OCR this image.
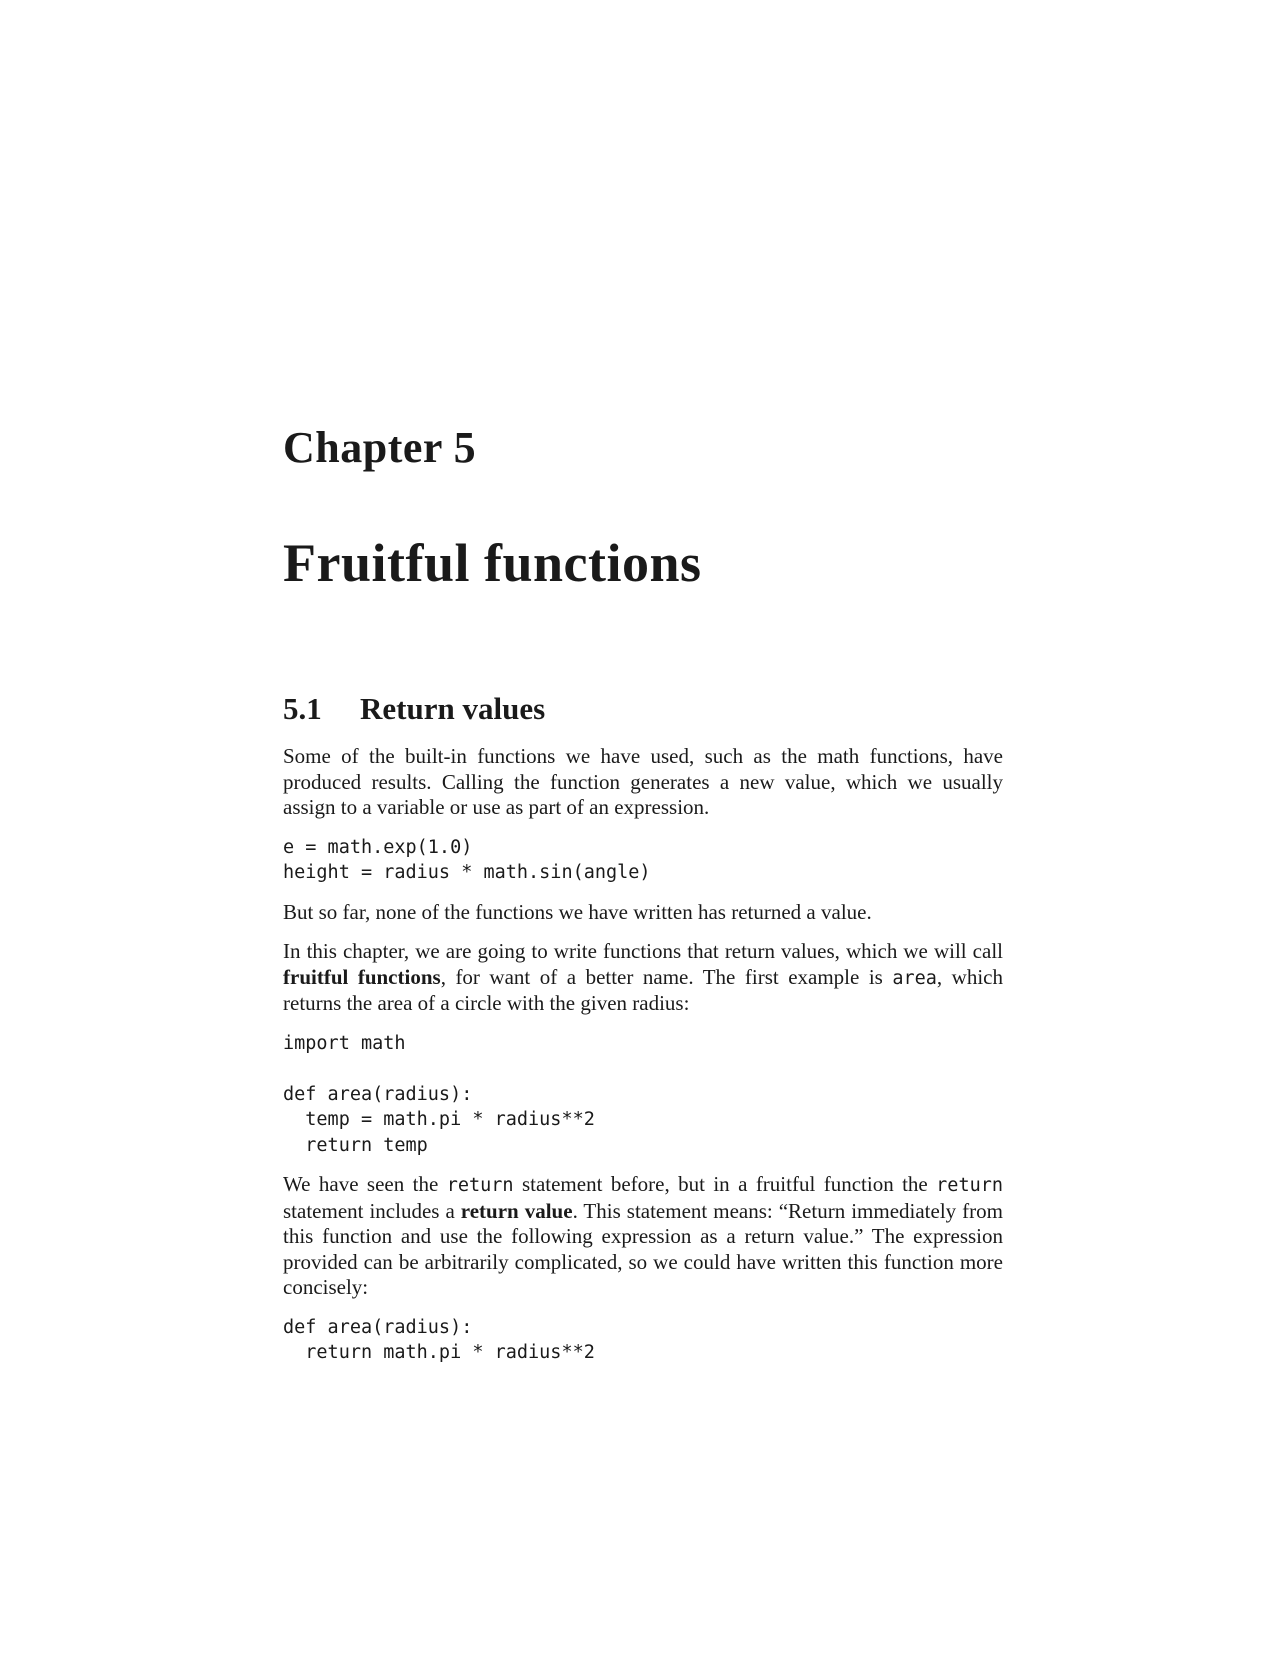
Chapter 5
Fruitful functions
5.1 Return values

Some of the built-in functions we have used, such as the math functions, have produced results. Calling the function generates a new value, which we usually assign to a variable or use as part of an expression.

e = math.exp(1.0)
height = radius * math.sin(angle)

But so far, none of the functions we have written has returned a value.

In this chapter, we are going to write functions that return values, which we will call fruitful functions, for want of a better name. The first example is area, which returns the area of a circle with the given radius:

import math

def area(radius):
temp = math.pi * radius**2
return temp

We have seen the return statement before, but in a fruitful function the return statement includes a return value. This statement means: “Return immediately from this function and use the following expression as a return value.” The expression provided can be arbitrarily complicated, so we could have written this function more concisely:

def area(radius):
return math.pi * radius**2
